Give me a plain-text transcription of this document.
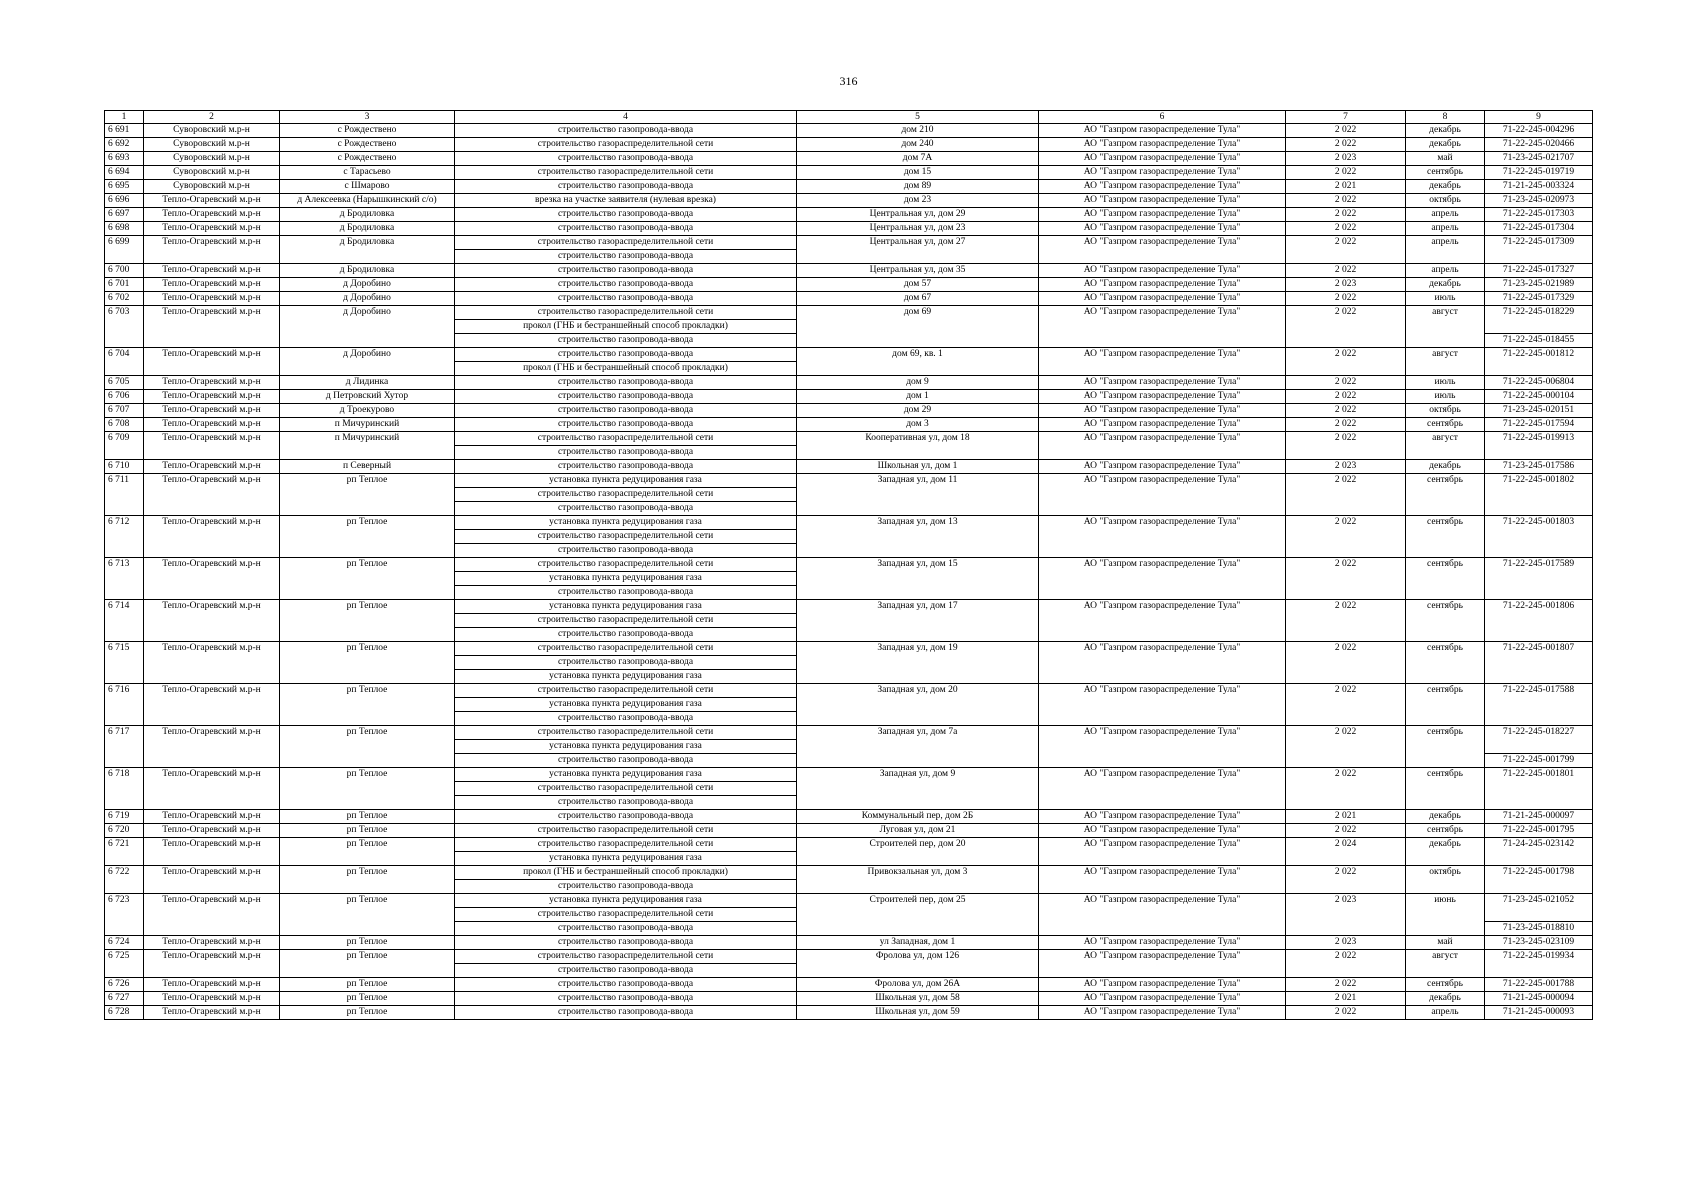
316
1	2	3	4	5	6	7	8	9
6 691	Суворовский м.р-н	с Рождествено	строительство газопровода-ввода	дом 210	АО "Газпром газораспределение Тула"	2 022	декабрь	71-22-245-004296
6 692	Суворовский м.р-н	с Рождествено	строительство газораспределительной сети	дом 240	АО "Газпром газораспределение Тула"	2 022	декабрь	71-22-245-020466
6 693	Суворовский м.р-н	с Рождествено	строительство газопровода-ввода	дом 7А	АО "Газпром газораспределение Тула"	2 023	май	71-23-245-021707
6 694	Суворовский м.р-н	с Тарасьево	строительство газораспределительной сети	дом 15	АО "Газпром газораспределение Тула"	2 022	сентябрь	71-22-245-019719
6 695	Суворовский м.р-н	с Шмарово	строительство газопровода-ввода	дом 89	АО "Газпром газораспределение Тула"	2 021	декабрь	71-21-245-003324
6 696	Тепло-Огаревский м.р-н	д Алексеевка (Нарышкинский с/о)	врезка на участке заявителя (нулевая врезка)	дом 23	АО "Газпром газораспределение Тула"	2 022	октябрь	71-23-245-020973
6 697	Тепло-Огаревский м.р-н	д Бродиловка	строительство газопровода-ввода	Центральная ул, дом 29	АО "Газпром газораспределение Тула"	2 022	апрель	71-22-245-017303
6 698	Тепло-Огаревский м.р-н	д Бродиловка	строительство газопровода-ввода	Центральная ул, дом 23	АО "Газпром газораспределение Тула"	2 022	апрель	71-22-245-017304
6 699	Тепло-Огаревский м.р-н	д Бродиловка	строительство газораспределительной сети	Центральная ул, дом 27	АО "Газпром газораспределение Тула"	2 022	апрель	71-22-245-017309
			строительство газопровода-ввода					
6 700	Тепло-Огаревский м.р-н	д Бродиловка	строительство газопровода-ввода	Центральная ул, дом 35	АО "Газпром газораспределение Тула"	2 022	апрель	71-22-245-017327
6 701	Тепло-Огаревский м.р-н	д Доробино	строительство газопровода-ввода	дом 57	АО "Газпром газораспределение Тула"	2 023	декабрь	71-23-245-021989
6 702	Тепло-Огаревский м.р-н	д Доробино	строительство газопровода-ввода	дом 67	АО "Газпром газораспределение Тула"	2 022	июль	71-22-245-017329
6 703	Тепло-Огаревский м.р-н	д Доробино	строительство газораспределительной сети	дом 69	АО "Газпром газораспределение Тула"	2 022	август	71-22-245-018229
			прокол (ГНБ и бестраншейный способ прокладки)					
			строительство газопровода-ввода					71-22-245-018455
6 704	Тепло-Огаревский м.р-н	д Доробино	строительство газопровода-ввода	дом 69, кв. 1	АО "Газпром газораспределение Тула"	2 022	август	71-22-245-001812
			прокол (ГНБ и бестраншейный способ прокладки)					
6 705	Тепло-Огаревский м.р-н	д Лидинка	строительство газопровода-ввода	дом 9	АО "Газпром газораспределение Тула"	2 022	июль	71-22-245-006804
6 706	Тепло-Огаревский м.р-н	д Петровский Хутор	строительство газопровода-ввода	дом 1	АО "Газпром газораспределение Тула"	2 022	июль	71-22-245-000104
6 707	Тепло-Огаревский м.р-н	д Троекурово	строительство газопровода-ввода	дом 29	АО "Газпром газораспределение Тула"	2 022	октябрь	71-23-245-020151
6 708	Тепло-Огаревский м.р-н	п Мичуринский	строительство газопровода-ввода	дом 3	АО "Газпром газораспределение Тула"	2 022	сентябрь	71-22-245-017594
6 709	Тепло-Огаревский м.р-н	п Мичуринский	строительство газораспределительной сети	Кооперативная ул, дом 18	АО "Газпром газораспределение Тула"	2 022	август	71-22-245-019913
			строительство газопровода-ввода					
6 710	Тепло-Огаревский м.р-н	п Северный	строительство газопровода-ввода	Школьная ул, дом 1	АО "Газпром газораспределение Тула"	2 023	декабрь	71-23-245-017586
6 711	Тепло-Огаревский м.р-н	рп Теплое	установка пункта редуцирования газа	Западная ул, дом 11	АО "Газпром газораспределение Тула"	2 022	сентябрь	71-22-245-001802
			строительство газораспределительной сети					
			строительство газопровода-ввода					
6 712	Тепло-Огаревский м.р-н	рп Теплое	установка пункта редуцирования газа	Западная ул, дом 13	АО "Газпром газораспределение Тула"	2 022	сентябрь	71-22-245-001803
			строительство газораспределительной сети					
			строительство газопровода-ввода					
6 713	Тепло-Огаревский м.р-н	рп Теплое	строительство газораспределительной сети	Западная ул, дом 15	АО "Газпром газораспределение Тула"	2 022	сентябрь	71-22-245-017589
			установка пункта редуцирования газа					
			строительство газопровода-ввода					
6 714	Тепло-Огаревский м.р-н	рп Теплое	установка пункта редуцирования газа	Западная ул, дом 17	АО "Газпром газораспределение Тула"	2 022	сентябрь	71-22-245-001806
			строительство газораспределительной сети					
			строительство газопровода-ввода					
6 715	Тепло-Огаревский м.р-н	рп Теплое	строительство газораспределительной сети	Западная ул, дом 19	АО "Газпром газораспределение Тула"	2 022	сентябрь	71-22-245-001807
			строительство газопровода-ввода					
			установка пункта редуцирования газа					
6 716	Тепло-Огаревский м.р-н	рп Теплое	строительство газораспределительной сети	Западная ул, дом 20	АО "Газпром газораспределение Тула"	2 022	сентябрь	71-22-245-017588
			установка пункта редуцирования газа					
			строительство газопровода-ввода					
6 717	Тепло-Огаревский м.р-н	рп Теплое	строительство газораспределительной сети	Западная ул, дом 7а	АО "Газпром газораспределение Тула"	2 022	сентябрь	71-22-245-018227
			установка пункта редуцирования газа					
			строительство газопровода-ввода					71-22-245-001799
6 718	Тепло-Огаревский м.р-н	рп Теплое	установка пункта редуцирования газа	Западная ул, дом 9	АО "Газпром газораспределение Тула"	2 022	сентябрь	71-22-245-001801
			строительство газораспределительной сети					
			строительство газопровода-ввода					
6 719	Тепло-Огаревский м.р-н	рп Теплое	строительство газопровода-ввода	Коммунальный пер, дом 2Б	АО "Газпром газораспределение Тула"	2 021	декабрь	71-21-245-000097
6 720	Тепло-Огаревский м.р-н	рп Теплое	строительство газораспределительной сети	Луговая ул, дом 21	АО "Газпром газораспределение Тула"	2 022	сентябрь	71-22-245-001795
6 721	Тепло-Огаревский м.р-н	рп Теплое	строительство газораспределительной сети	Строителей пер, дом 20	АО "Газпром газораспределение Тула"	2 024	декабрь	71-24-245-023142
			установка пункта редуцирования газа					
6 722	Тепло-Огаревский м.р-н	рп Теплое	прокол (ГНБ и бестраншейный способ прокладки)	Привокзальная ул, дом 3	АО "Газпром газораспределение Тула"	2 022	октябрь	71-22-245-001798
			строительство газопровода-ввода					
6 723	Тепло-Огаревский м.р-н	рп Теплое	установка пункта редуцирования газа	Строителей пер, дом 25	АО "Газпром газораспределение Тула"	2 023	июнь	71-23-245-021052
			строительство газораспределительной сети					
			строительство газопровода-ввода					71-23-245-018810
6 724	Тепло-Огаревский м.р-н	рп Теплое	строительство газопровода-ввода	ул Западная, дом 1	АО "Газпром газораспределение Тула"	2 023	май	71-23-245-023109
6 725	Тепло-Огаревский м.р-н	рп Теплое	строительство газораспределительной сети	Фролова ул, дом 126	АО "Газпром газораспределение Тула"	2 022	август	71-22-245-019934
			строительство газопровода-ввода					
6 726	Тепло-Огаревский м.р-н	рп Теплое	строительство газопровода-ввода	Фролова ул, дом 26А	АО "Газпром газораспределение Тула"	2 022	сентябрь	71-22-245-001788
6 727	Тепло-Огаревский м.р-н	рп Теплое	строительство газопровода-ввода	Школьная ул, дом 58	АО "Газпром газораспределение Тула"	2 021	декабрь	71-21-245-000094
6 728	Тепло-Огаревский м.р-н	рп Теплое	строительство газопровода-ввода	Школьная ул, дом 59	АО "Газпром газораспределение Тула"	2 022	апрель	71-21-245-000093
